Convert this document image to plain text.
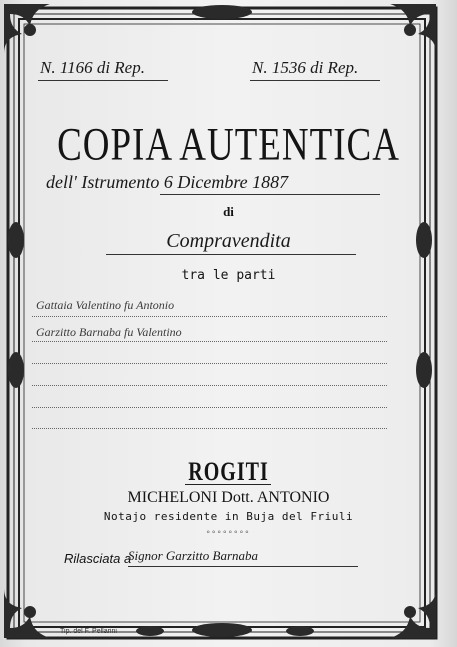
N. 1166 di Rep.	N. 1536 di Rep.
COPIA AUTENTICA
dell' Istrumento 6 Dicembre 1887
di
Compravendita
tra le parti
Gattaia Valentino fu Antonio
Garzitto Barnaba fu Valentino
ROGITI
MICHELONI Dott. ANTONIO
Notajo residente in Buja del Friuli
◦◦◦◦◦◦◦◦
Rilasciata a
Signor Garzitto Barnaba
Tip. del F. Pellarini
